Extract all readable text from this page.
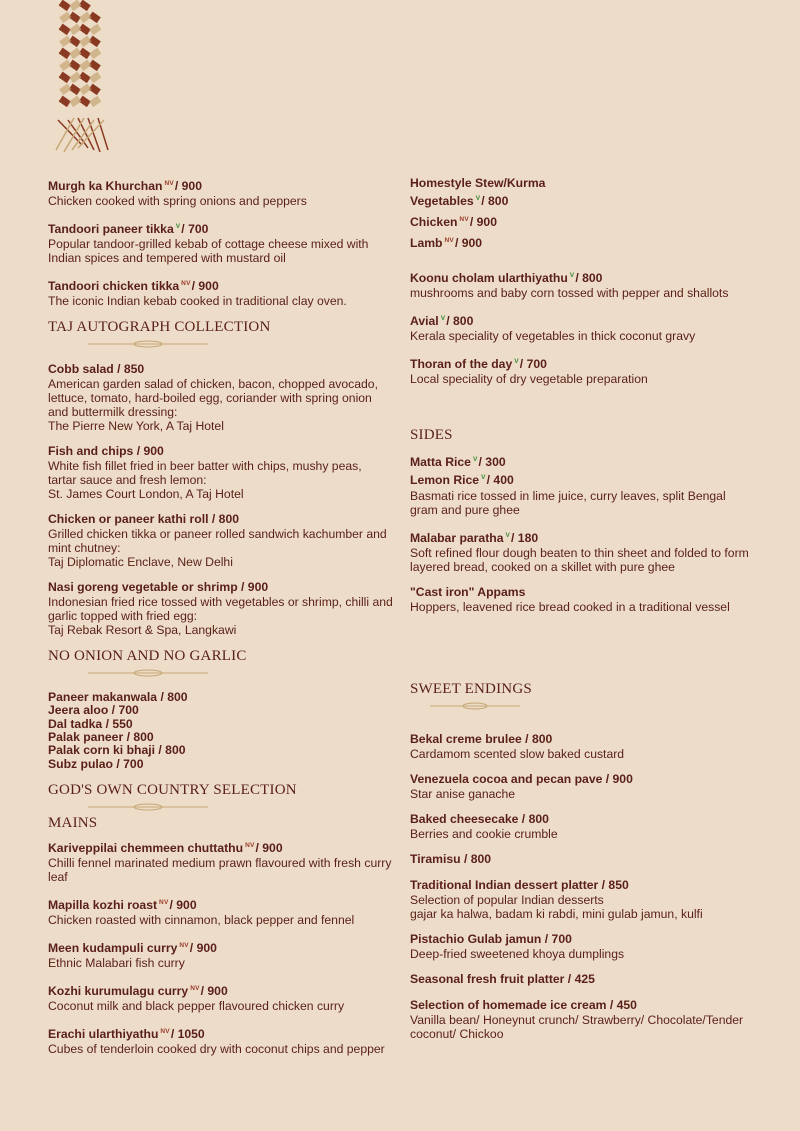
Murgh ka Khurchan $^{NV}$/ 900
Chicken cooked with spring onions and peppers
Tandoori paneer tikka $^V$/ 700
Popular tandoor-grilled kebab of cottage cheese mixed with Indian spices and tempered with mustard oil
Tandoori chicken tikka $^{NV}$/ 900
The iconic Indian kebab cooked in traditional clay oven.
TAJ AUTOGRAPH COLLECTION
Cobb salad / 850
American garden salad of chicken, bacon, chopped avocado, lettuce, tomato, hard-boiled egg, coriander with spring onion and buttermilk dressing:
The Pierre New York, A Taj Hotel
Fish and chips / 900
White fish fillet fried in beer batter with chips, mushy peas, tartar sauce and fresh lemon:
St. James Court London, A Taj Hotel
Chicken or paneer kathi roll / 800
Grilled chicken tikka or paneer rolled sandwich kachumber and mint chutney:
Taj Diplomatic Enclave, New Delhi
Nasi goreng vegetable or shrimp / 900
Indonesian fried rice tossed with vegetables or shrimp, chilli and garlic topped with fried egg:
Taj Rebak Resort & Spa, Langkawi
NO ONION AND NO GARLIC
Paneer makanwala / 800
Jeera aloo / 700
Dal tadka / 550
Palak paneer / 800
Palak corn ki bhaji / 800
Subz pulao / 700
GOD'S OWN COUNTRY SELECTION
MAINS
Kariveppilai chemmeen chuttathu $^{NV}$/ 900
Chilli fennel marinated medium prawn flavoured with fresh curry leaf
Mapilla kozhi roast $^{NV}$/ 900
Chicken roasted with cinnamon, black pepper and fennel
Meen kudampuli curry $^{NV}$/ 900
Ethnic Malabari fish curry
Kozhi kurumulagu curry $^{NV}$/ 900
Coconut milk and black pepper flavoured chicken curry
Erachi ularthiyathu $^{NV}$/ 1050
Cubes of tenderloin cooked dry with coconut chips and pepper
Homestyle Stew/Kurma
Vegetables $^V$/ 800
Chicken $^{NV}$/ 900
Lamb $^{NV}$/ 900
Koonu cholam ularthiyathu $^V$/ 800
mushrooms and baby corn tossed with pepper and shallots
Avial $^V$/ 800
Kerala speciality of vegetables in thick coconut gravy
Thoran of the day $^V$/ 700
Local speciality of dry vegetable preparation
SIDES
Matta Rice $^V$/ 300
Lemon Rice $^V$/ 400
Basmati rice tossed in lime juice, curry leaves, split Bengal gram and pure ghee
Malabar paratha $^V$/ 180
Soft refined flour dough beaten to thin sheet and folded to form layered bread, cooked on a skillet with pure ghee
"Cast iron" Appams
Hoppers, leavened rice bread cooked in a traditional vessel
SWEET ENDINGS
Bekal creme brulee / 800
Cardamom scented slow baked custard
Venezuela cocoa and pecan pave / 900
Star anise ganache
Baked cheesecake / 800
Berries and cookie crumble
Tiramisu / 800
Traditional Indian dessert platter / 850
Selection of popular Indian desserts
gajar ka halwa, badam ki rabdi, mini gulab jamun, kulfi
Pistachio Gulab jamun / 700
Deep-fried sweetened khoya dumplings
Seasonal fresh fruit platter / 425
Selection of homemade ice cream / 450
Vanilla bean/ Honeynut crunch/ Strawberry/ Chocolate/Tender coconut/ Chickoo
